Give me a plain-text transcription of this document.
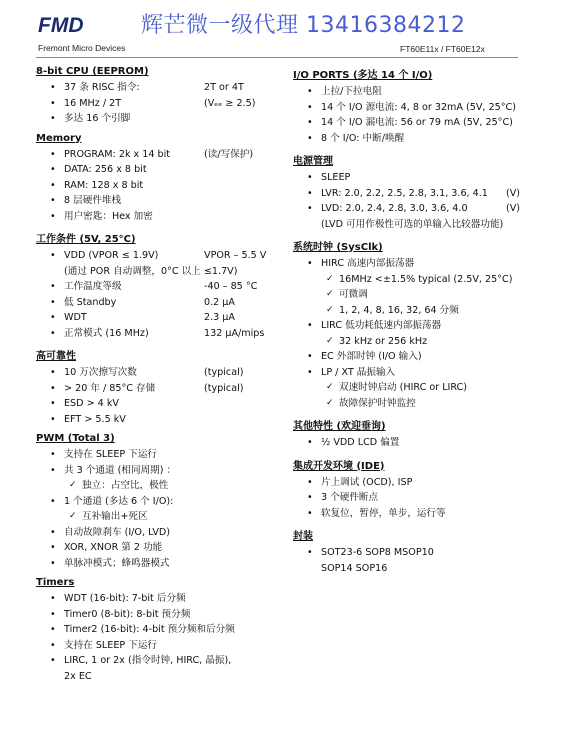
FMD
Fremont Micro Devices
辉芒微一级代理 13416384212
FT60E11x / FT60E12x
8-bit CPU (EEPROM)
• 37 条 RISC 指令:	2T or 4T
• 16 MHz / 2T	(Vₑₑ ≥ 2.5)
• 多达 16 个引脚
Memory
• PROGRAM: 2k x 14 bit	(读/写保护)
• DATA: 256 x 8 bit
• RAM: 128 x 8 bit
• 8 层硬件堆栈
• 用户密匙：Hex 加密
工作条件 (5V, 25°C)
• VDD (VPOR ≤ 1.9V)	VPOR – 5.5 V
(通过 POR 自动调整，0°C 以上 ≤1.7V)
• 工作温度等级	-40 – 85 °C
• 低 Standby	0.2 μA
• WDT	2.3 μA
• 正常模式 (16 MHz)	132 μA/mips
高可靠性
• 10 万次擦写次数	(typical)
• > 20 年 / 85°C 存储	(typical)
• ESD > 4 kV
• EFT > 5.5 kV
PWM (Total 3)
• 支持在 SLEEP 下运行
• 共 3 个通道 (相同周期) ：
✓ 独立：占空比，极性
• 1 个通道 (多达 6 个 I/O):
✓ 互补输出+死区
• 自动故障刹车 (I/O, LVD)
• XOR, XNOR 第 2 功能
• 单脉冲模式；蜂鸣器模式
Timers
• WDT (16-bit): 7-bit 后分频
• Timer0 (8-bit): 8-bit 预分频
• Timer2 (16-bit): 4-bit 预分频和后分频
• 支持在 SLEEP 下运行
• LIRC, 1 or 2x (指令时钟, HIRC, 晶振),
2x EC
I/O PORTS (多达 14 个 I/O)
• 上拉/下拉电阻
• 14 个 I/O 源电流: 4, 8 or 32mA (5V, 25°C)
• 14 个 I/O 漏电流: 56 or 79 mA (5V, 25°C)
• 8 个 I/O: 中断/唤醒
电源管理
• SLEEP
• LVR: 2.0, 2.2, 2.5, 2.8, 3.1, 3.6, 4.1 (V)
• LVD: 2.0, 2.4, 2.8, 3.0, 3.6, 4.0	(V)
(LVD 可用作极性可选的单输入比较器功能)
系统时钟 (SysClk)
• HIRC 高速内部振荡器
✓ 16MHz <±1.5% typical (2.5V, 25°C)
✓ 可微调
✓ 1, 2, 4, 8, 16, 32, 64 分频
• LIRC 低功耗低速内部振荡器
✓ 32 kHz or 256 kHz
• EC 外部时钟 (I/O 输入)
• LP / XT 晶振输入
✓ 双速时钟启动 (HIRC or LIRC)
✓ 故障保护时钟监控
其他特性 (欢迎垂询)
• ½ VDD LCD 偏置
集成开发环境 (IDE)
• 片上调试 (OCD), ISP
• 3 个硬件断点
• 软复位，暂停，单步，运行等
封装
• SOT23-6 SOP8 MSOP10
SOP14 SOP16
